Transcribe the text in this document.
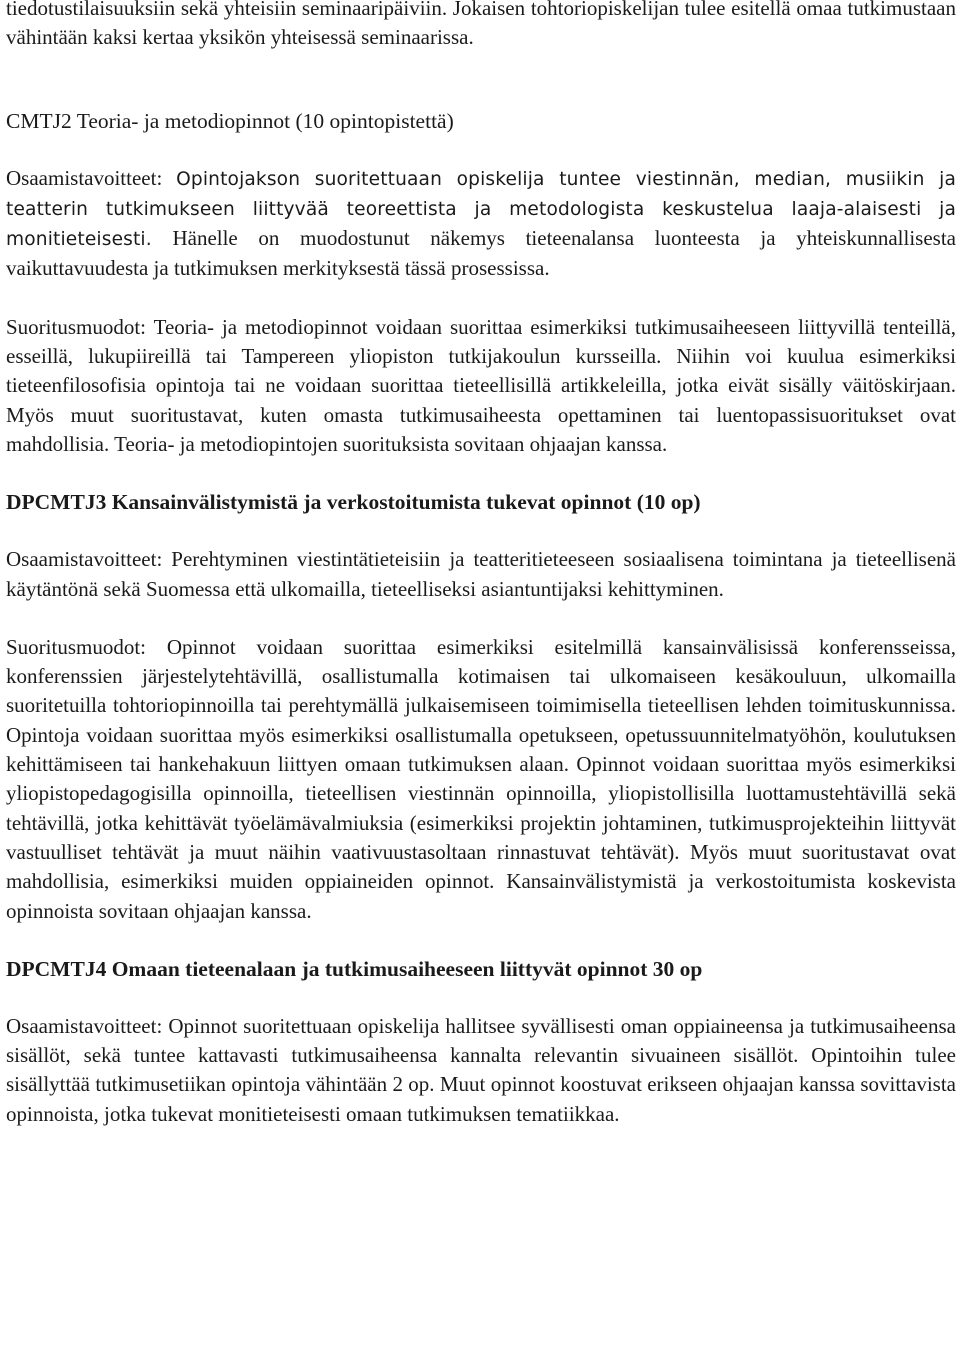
tiedotustilaisuuksiin sekä yhteisiin seminaaripäiviin. Jokaisen tohtoriopiskelijan tulee esitellä omaa tutkimustaan vähintään kaksi kertaa yksikön yhteisessä seminaarissa.

CMTJ2 Teoria- ja metodiopinnot (10 opintopistettä)

Osaamistavoitteet: Opintojakson suoritettuaan opiskelija tuntee viestinnän, median, musiikin ja teatterin tutkimukseen liittyvää teoreettista ja metodologista keskustelua laaja-alaisesti ja monitieteisesti. Hänelle on muodostunut näkemys tieteenalansa luonteesta ja yhteiskunnallisesta vaikuttavuudesta ja tutkimuksen merkityksestä tässä prosessissa.

Suoritusmuodot: Teoria- ja metodiopinnot voidaan suorittaa esimerkiksi tutkimusaiheeseen liittyvillä tenteillä, esseillä, lukupiireillä tai Tampereen yliopiston tutkijakoulun kursseilla. Niihin voi kuulua esimerkiksi tieteenfilosofisia opintoja tai ne voidaan suorittaa tieteellisillä artikkeleilla, jotka eivät sisälly väitöskirjaan. Myös muut suoritustavat, kuten omasta tutkimusaiheesta opettaminen tai luentopassisuoritukset ovat mahdollisia. Teoria- ja metodiopintojen suorituksista sovitaan ohjaajan kanssa.

DPCMTJ3 Kansainvälistymistä ja verkostoitumista tukevat opinnot (10 op)

Osaamistavoitteet: Perehtyminen viestintätieteisiin ja teatteritieteeseen sosiaalisena toimintana ja tieteellisenä käytäntönä sekä Suomessa että ulkomailla, tieteelliseksi asiantuntijaksi kehittyminen.

Suoritusmuodot: Opinnot voidaan suorittaa esimerkiksi esitelmillä kansainvälisissä konferensseissa, konferenssien järjestelytehtävillä, osallistumalla kotimaisen tai ulkomaiseen kesäkouluun, ulkomailla suoritetuilla tohtoriopinnoilla tai perehtymällä julkaisemiseen toimimisella tieteellisen lehden toimituskunnissa. Opintoja voidaan suorittaa myös esimerkiksi osallistumalla opetukseen, opetussuunnitelmatyöhön, koulutuksen kehittämiseen tai hankehakuun liittyen omaan tutkimuksen alaan. Opinnot voidaan suorittaa myös esimerkiksi yliopistopedagogisilla opinnoilla, tieteellisen viestinnän opinnoilla, yliopistollisilla luottamustehtävillä sekä tehtävillä, jotka kehittävät työelämävalmiuksia (esimerkiksi projektin johtaminen, tutkimusprojekteihin liittyvät vastuulliset tehtävät ja muut näihin vaativuustasoltaan rinnastuvat tehtävät). Myös muut suoritustavat ovat mahdollisia, esimerkiksi muiden oppiaineiden opinnot. Kansainvälistymistä ja verkostoitumista koskevista opinnoista sovitaan ohjaajan kanssa.

DPCMTJ4 Omaan tieteenalaan ja tutkimusaiheeseen liittyvät opinnot 30 op

Osaamistavoitteet: Opinnot suoritettuaan opiskelija hallitsee syvällisesti oman oppiaineensa ja tutkimusaiheensa sisällöt, sekä tuntee kattavasti tutkimusaiheensa kannalta relevantin sivuaineen sisällöt. Opintoihin tulee sisällyttää tutkimusetiikan opintoja vähintään 2 op. Muut opinnot koostuvat erikseen ohjaajan kanssa sovittavista opinnoista, jotka tukevat monitieteisesti omaan tutkimuksen tematiikkaa.
